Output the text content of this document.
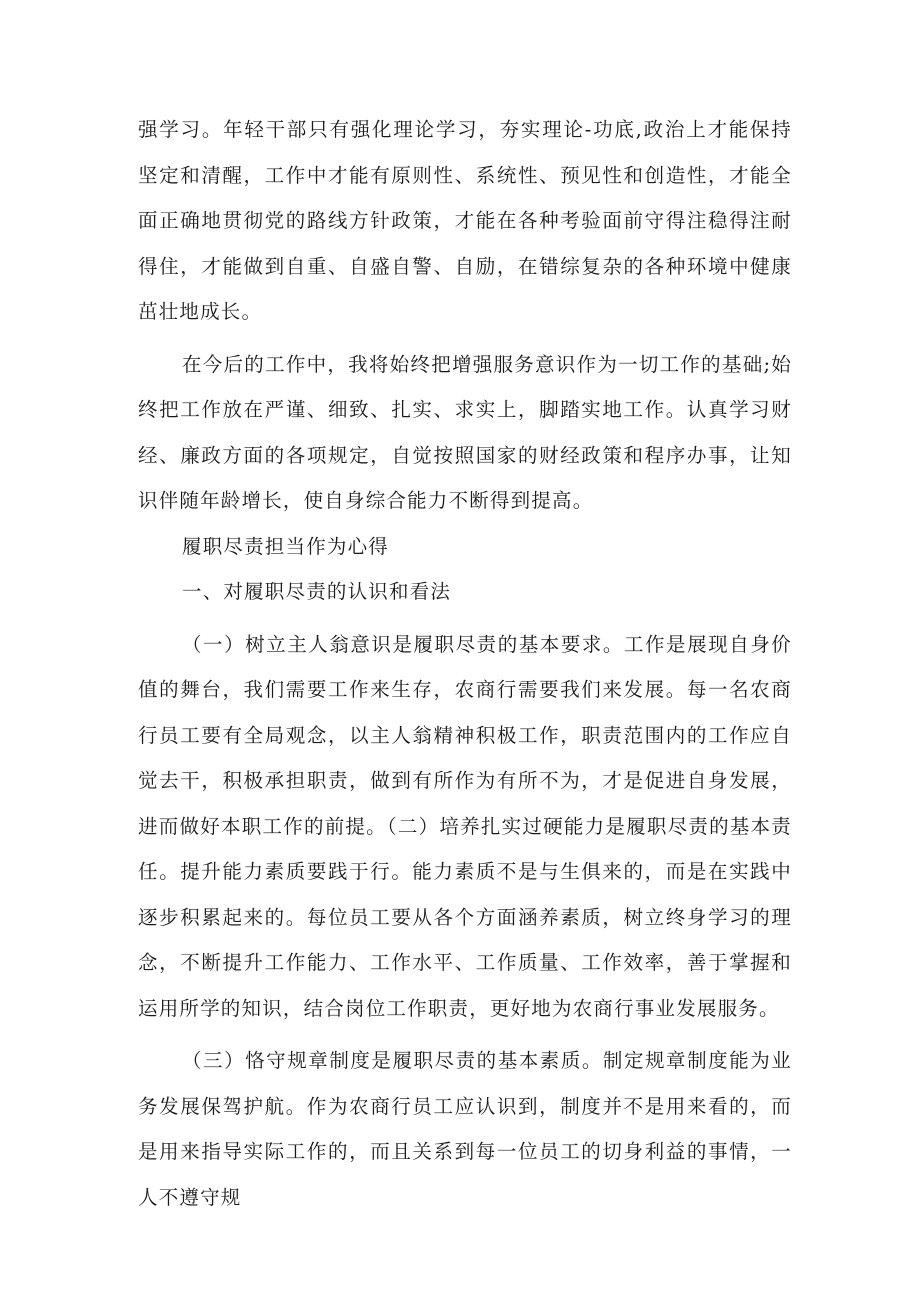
强学习。年轻干部只有强化理论学习，夯实理论-功底,政治上才能保持坚定和清醒，工作中才能有原则性、系统性、预见性和创造性，才能全面正确地贯彻党的路线方针政策，才能在各种考验面前守得注稳得注耐得住，才能做到自重、自盛自警、自励，在错综复杂的各种环境中健康茁壮地成长。

在今后的工作中，我将始终把增强服务意识作为一切工作的基础;始终把工作放在严谨、细致、扎实、求实上，脚踏实地工作。认真学习财经、廉政方面的各项规定，自觉按照国家的财经政策和程序办事，让知识伴随年龄增长，使自身综合能力不断得到提高。

履职尽责担当作为心得

一、对履职尽责的认识和看法

（一）树立主人翁意识是履职尽责的基本要求。工作是展现自身价值的舞台，我们需要工作来生存，农商行需要我们来发展。每一名农商行员工要有全局观念，以主人翁精神积极工作，职责范围内的工作应自觉去干，积极承担职责，做到有所作为有所不为，才是促进自身发展，进而做好本职工作的前提。（二）培养扎实过硬能力是履职尽责的基本责任。提升能力素质要践于行。能力素质不是与生俱来的，而是在实践中逐步积累起来的。每位员工要从各个方面涵养素质，树立终身学习的理念，不断提升工作能力、工作水平、工作质量、工作效率，善于掌握和运用所学的知识，结合岗位工作职责，更好地为农商行事业发展服务。

（三）恪守规章制度是履职尽责的基本素质。制定规章制度能为业务发展保驾护航。作为农商行员工应认识到，制度并不是用来看的，而是用来指导实际工作的，而且关系到每一位员工的切身利益的事情，一人不遵守规
